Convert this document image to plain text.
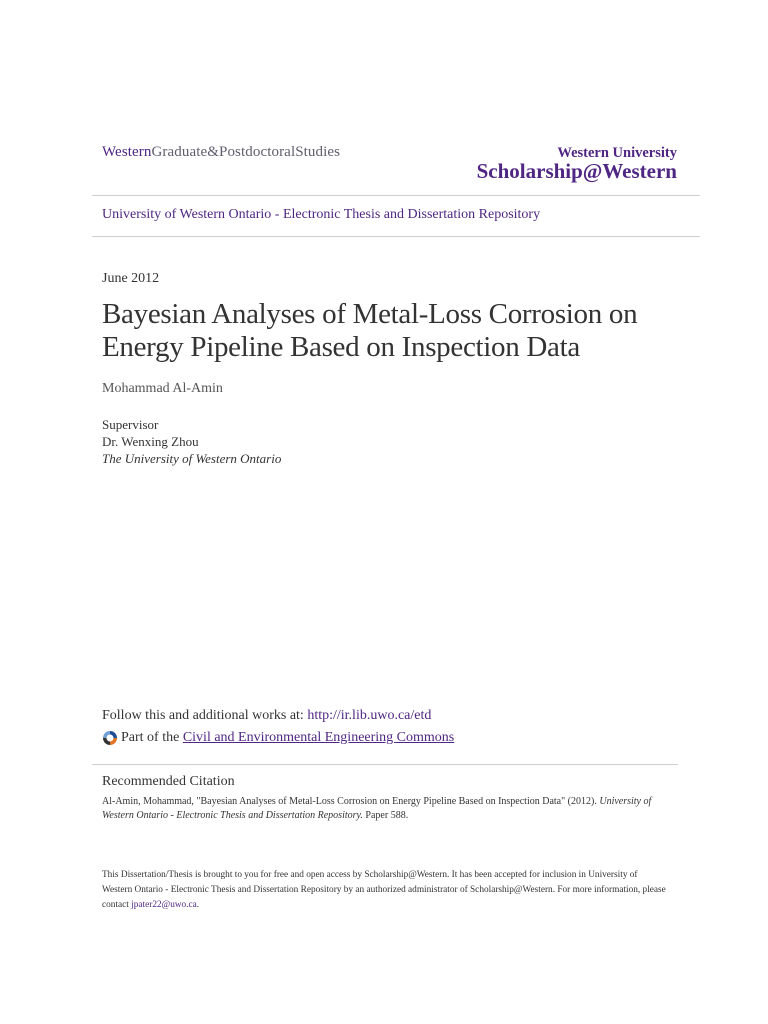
WesternGraduate&PostdoctoralStudies	Western University
Scholarship@Western
University of Western Ontario - Electronic Thesis and Dissertation Repository
June 2012
Bayesian Analyses of Metal-Loss Corrosion on Energy Pipeline Based on Inspection Data
Mohammad Al-Amin
Supervisor
Dr. Wenxing Zhou
The University of Western Ontario
Follow this and additional works at: http://ir.lib.uwo.ca/etd
Part of the
Civil and Environmental Engineering Commons
Recommended Citation
Al-Amin, Mohammad, "Bayesian Analyses of Metal-Loss Corrosion on Energy Pipeline Based on Inspection Data" (2012). University of Western Ontario - Electronic Thesis and Dissertation Repository. Paper 588.
This Dissertation/Thesis is brought to you for free and open access by Scholarship@Western. It has been accepted for inclusion in University of Western Ontario - Electronic Thesis and Dissertation Repository by an authorized administrator of Scholarship@Western. For more information, please contact jpater22@uwo.ca.
